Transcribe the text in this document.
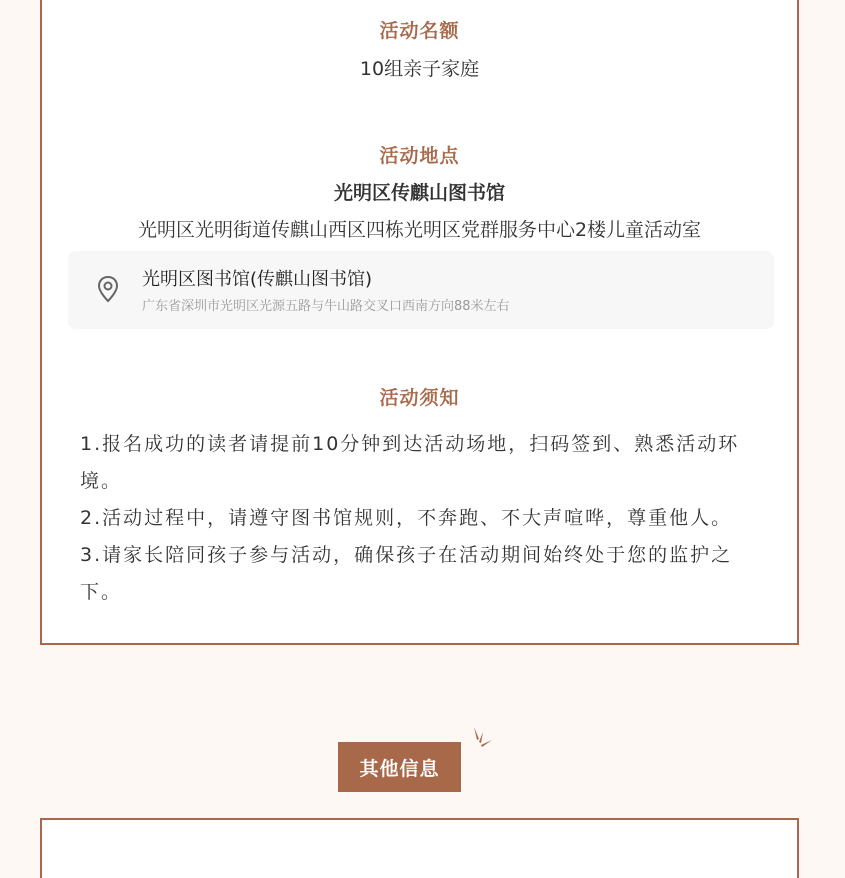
活动名额
10组亲子家庭
活动地点
光明区传麒山图书馆
光明区光明街道传麒山西区四栋光明区党群服务中心2楼儿童活动室
光明区图书馆(传麒山图书馆)
广东省深圳市光明区光源五路与牛山路交叉口西南方向88米左右
活动须知
1.报名成功的读者请提前10分钟到达活动场地，扫码签到、熟悉活动环境。
2.活动过程中，请遵守图书馆规则，不奔跑、不大声喧哗，尊重他人。
3.请家长陪同孩子参与活动，确保孩子在活动期间始终处于您的监护之下。
其他信息
